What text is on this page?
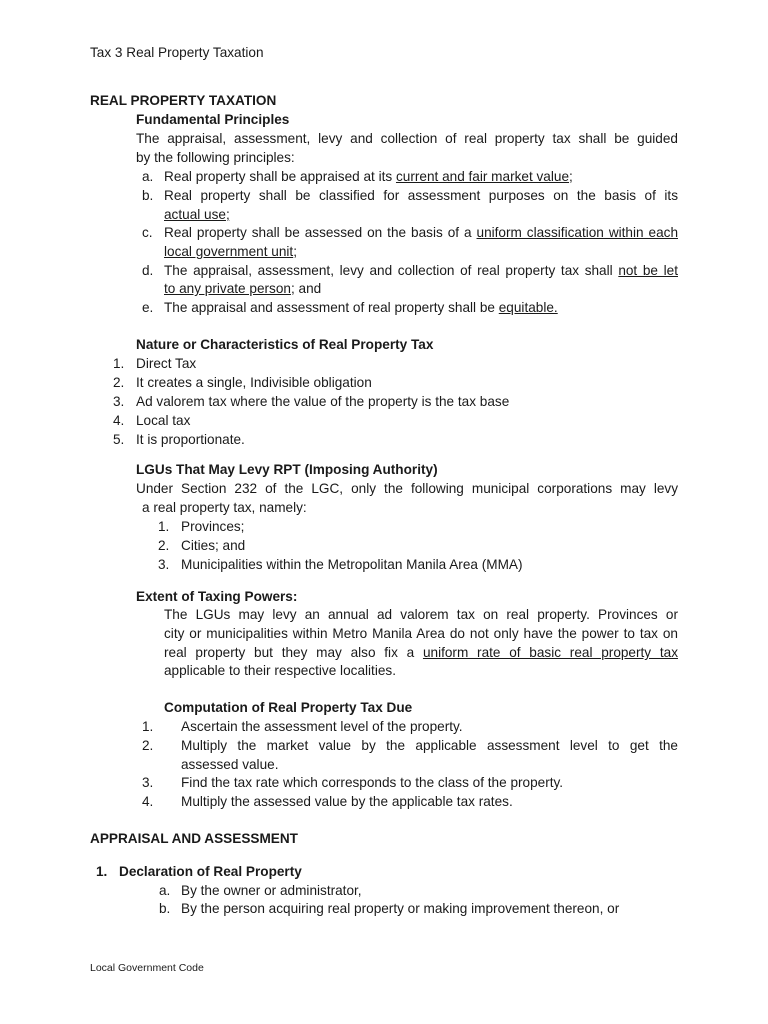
Tax 3 Real Property Taxation
REAL PROPERTY TAXATION
Fundamental Principles
The appraisal, assessment, levy and collection of real property tax shall be guided
by the following principles:
a. Real property shall be appraised at its current and fair market value;
b. Real property shall be classified for assessment purposes on the basis of its
actual use;
c. Real property shall be assessed on the basis of a uniform classification within each
local government unit;
d. The appraisal, assessment, levy and collection of real property tax shall not be let
to any private person; and
e. The appraisal and assessment of real property shall be equitable.
Nature or Characteristics of Real Property Tax
1. Direct Tax
2. It creates a single, Indivisible obligation
3. Ad valorem tax where the value of the property is the tax base
4. Local tax
5. It is proportionate.
LGUs That May Levy RPT (Imposing Authority)
Under Section 232 of the LGC, only the following municipal corporations may levy
a real property tax, namely:
1. Provinces;
2. Cities; and
3. Municipalities within the Metropolitan Manila Area (MMA)
Extent of Taxing Powers:
The LGUs may levy an annual ad valorem tax on real property. Provinces or
city or municipalities within Metro Manila Area do not only have the power to tax on
real property but they may also fix a uniform rate of basic real property tax
applicable to their respective localities.
Computation of Real Property Tax Due
1. Ascertain the assessment level of the property.
2. Multiply the market value by the applicable assessment level to get the
assessed value.
3. Find the tax rate which corresponds to the class of the property.
4. Multiply the assessed value by the applicable tax rates.
APPRAISAL AND ASSESSMENT
1. Declaration of Real Property
a. By the owner or administrator,
b. By the person acquiring real property or making improvement thereon, or
Local Government Code
